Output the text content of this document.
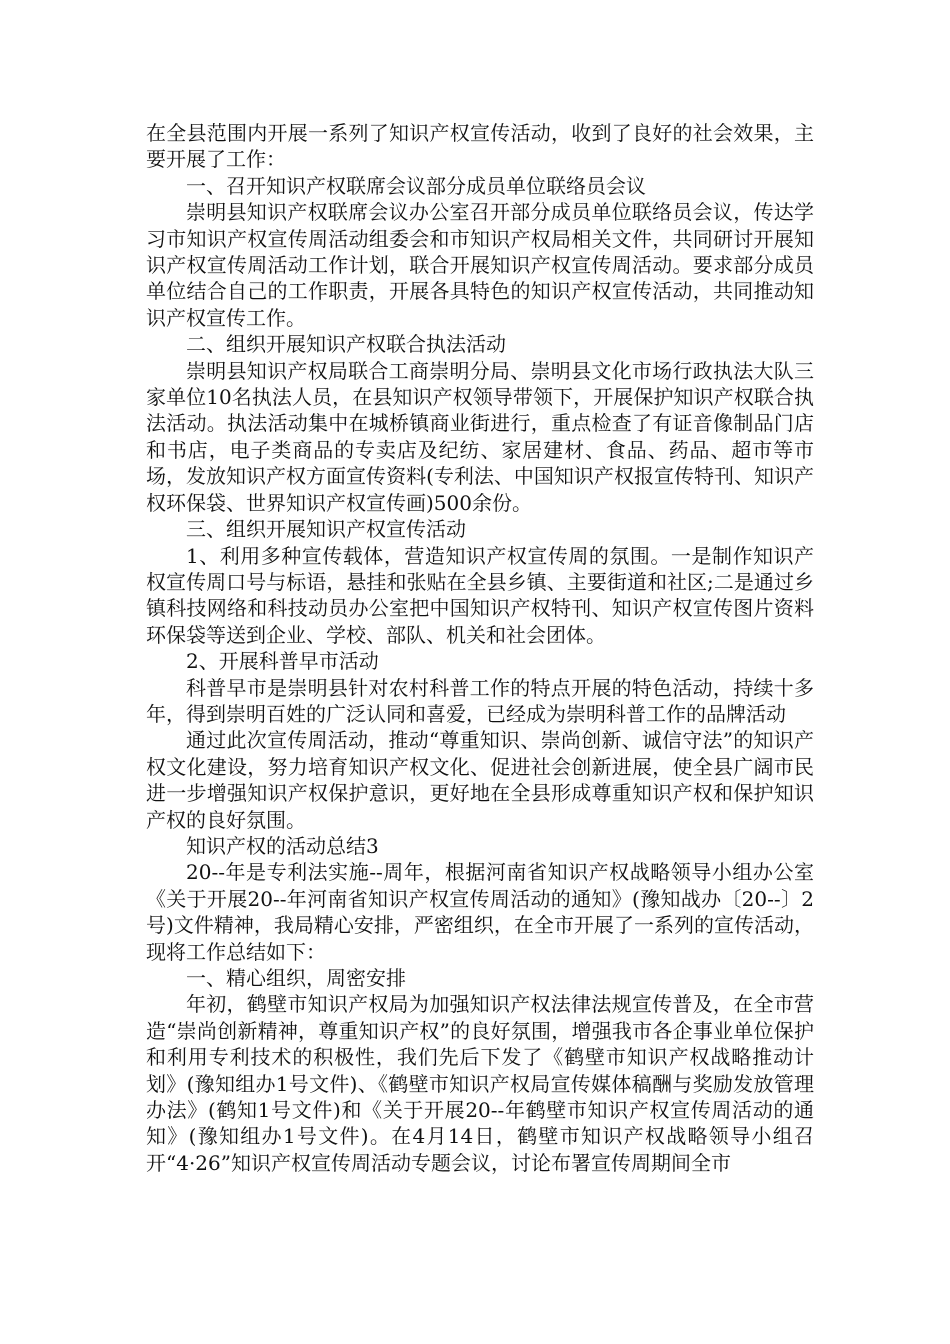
在全县范围内开展一系列了知识产权宣传活动，收到了良好的社会效果，主要开展了工作：

一、召开知识产权联席会议部分成员单位联络员会议

崇明县知识产权联席会议办公室召开部分成员单位联络员会议，传达学习市知识产权宣传周活动组委会和市知识产权局相关文件，共同研讨开展知识产权宣传周活动工作计划，联合开展知识产权宣传周活动。要求部分成员单位结合自己的工作职责，开展各具特色的知识产权宣传活动，共同推动知识产权宣传工作。

二、组织开展知识产权联合执法活动

崇明县知识产权局联合工商崇明分局、崇明县文化市场行政执法大队三家单位10名执法人员，在县知识产权领导带领下，开展保护知识产权联合执法活动。执法活动集中在城桥镇商业街进行，重点检查了有证音像制品门店和书店，电子类商品的专卖店及纪纺、家居建材、食品、药品、超市等市场，发放知识产权方面宣传资料(专利法、中国知识产权报宣传特刊、知识产权环保袋、世界知识产权宣传画)500余份。

三、组织开展知识产权宣传活动

1、利用多种宣传载体，营造知识产权宣传周的氛围。一是制作知识产权宣传周口号与标语，悬挂和张贴在全县乡镇、主要街道和社区;二是通过乡镇科技网络和科技动员办公室把中国知识产权特刊、知识产权宣传图片资料环保袋等送到企业、学校、部队、机关和社会团体。

2、开展科普早市活动

科普早市是崇明县针对农村科普工作的特点开展的特色活动，持续十多年，得到崇明百姓的广泛认同和喜爱，已经成为崇明科普工作的品牌活动

通过此次宣传周活动，推动“尊重知识、崇尚创新、诚信守法”的知识产权文化建设，努力培育知识产权文化、促进社会创新进展，使全县广阔市民进一步增强知识产权保护意识，更好地在全县形成尊重知识产权和保护知识产权的良好氛围。

知识产权的活动总结3

20--年是专利法实施--周年，根据河南省知识产权战略领导小组办公室《关于开展20--年河南省知识产权宣传周活动的通知》(豫知战办〔20--〕2号)文件精神，我局精心安排，严密组织，在全市开展了一系列的宣传活动，现将工作总结如下：

一、精心组织，周密安排

年初，鹤壁市知识产权局为加强知识产权法律法规宣传普及，在全市营造“崇尚创新精神，尊重知识产权”的良好氛围，增强我市各企事业单位保护和利用专利技术的积极性，我们先后下发了《鹤壁市知识产权战略推动计划》(豫知组办1号文件)、《鹤壁市知识产权局宣传媒体稿酬与奖励发放管理办法》(鹤知1号文件)和《关于开展20--年鹤壁市知识产权宣传周活动的通知》(豫知组办1号文件)。在4月14日，鹤壁市知识产权战略领导小组召开“4·26”知识产权宣传周活动专题会议，讨论布署宣传周期间全市
